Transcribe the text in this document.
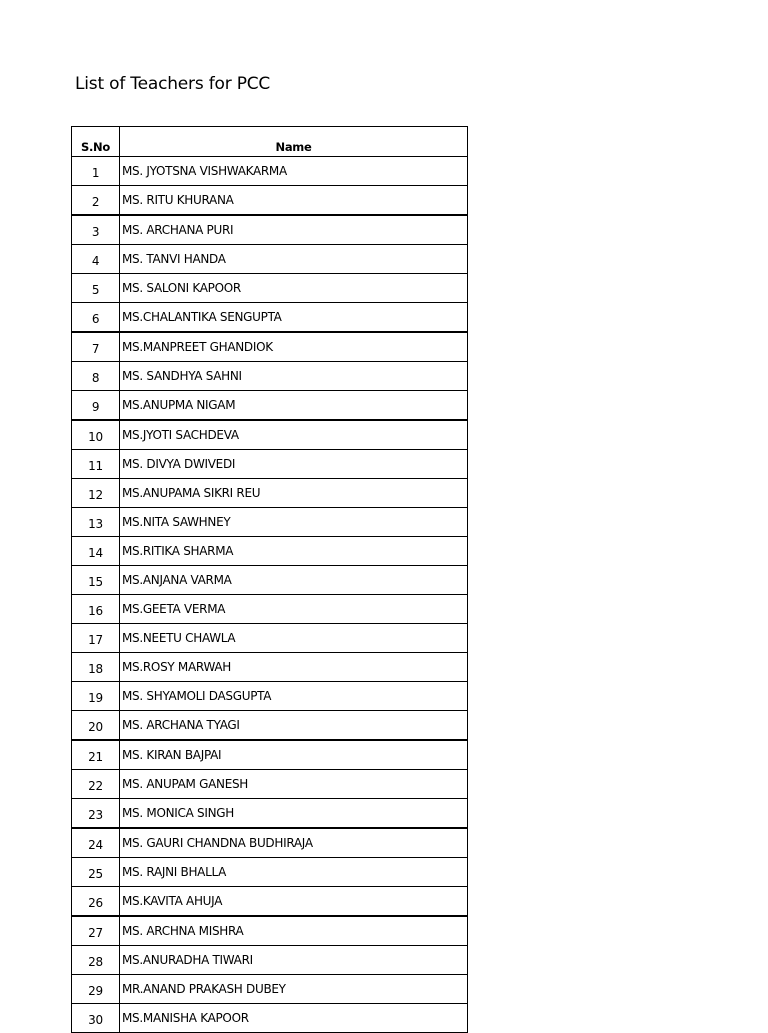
List of Teachers for PCC
S.No	Name
1	MS. JYOTSNA VISHWAKARMA
2	MS. RITU KHURANA
3	MS. ARCHANA PURI
4	MS. TANVI HANDA
5	MS. SALONI KAPOOR
6	MS.CHALANTIKA SENGUPTA
7	MS.MANPREET GHANDIOK
8	MS. SANDHYA SAHNI
9	MS.ANUPMA NIGAM
10	MS.JYOTI SACHDEVA
11	MS. DIVYA DWIVEDI
12	MS.ANUPAMA SIKRI REU
13	MS.NITA SAWHNEY
14	MS.RITIKA SHARMA
15	MS.ANJANA VARMA
16	MS.GEETA VERMA
17	MS.NEETU CHAWLA
18	MS.ROSY MARWAH
19	MS. SHYAMOLI DASGUPTA
20	MS. ARCHANA TYAGI
21	MS. KIRAN BAJPAI
22	MS. ANUPAM GANESH
23	MS. MONICA SINGH
24	MS. GAURI CHANDNA BUDHIRAJA
25	MS. RAJNI BHALLA
26	MS.KAVITA AHUJA
27	MS. ARCHNA MISHRA
28	MS.ANURADHA TIWARI
29	MR.ANAND PRAKASH DUBEY
30	MS.MANISHA KAPOOR
